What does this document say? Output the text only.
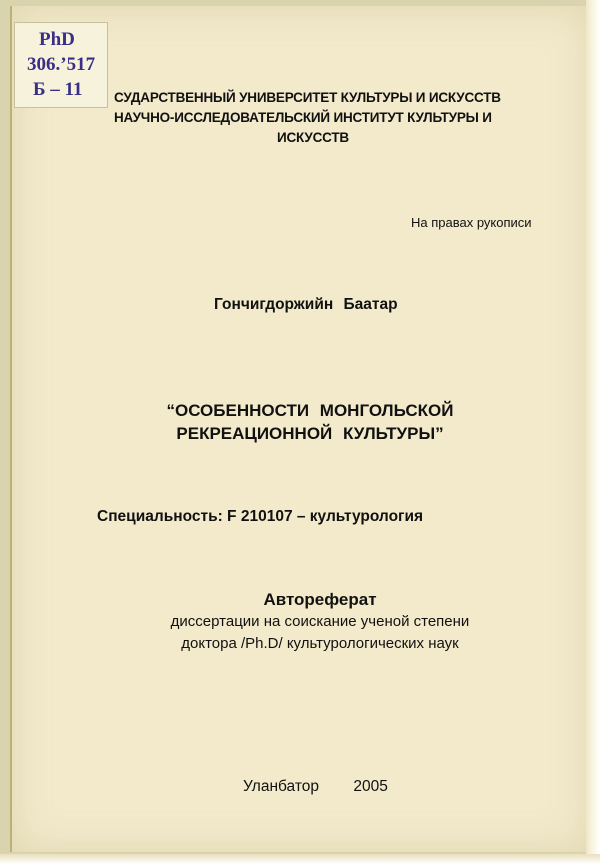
PhD
306.’517
Б – 11	СУДАРСТВЕННЫЙ УНИВЕРСИТЕТ КУЛЬТУРЫ И ИСКУССТВ
НАУЧНО-ИССЛЕДОВАТЕЛЬСКИЙ ИНСТИТУТ КУЛЬТУРЫ И
ИСКУССТВ
На правах рукописи
Гончигдоржийн Баатар
“ОСОБЕННОСТИ МОНГОЛЬСКОЙ
РЕКРЕАЦИОННОЙ КУЛЬТУРЫ”
Специальность: F 210107 – культурология
Автореферат
диссертации на соискание ученой степени
доктора /Ph.D/ культурологических наук
Уланбатор 2005
